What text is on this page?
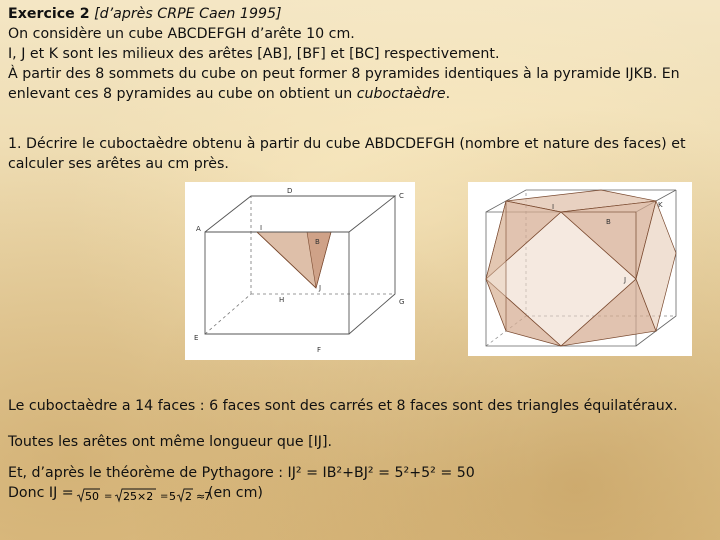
Exercice 2 [d’après CRPE Caen 1995]
On considère un cube ABCDEFGH d’arête 10 cm.
I, J et K sont les milieux des arêtes [AB], [BF] et [BC] respectivement.
À partir des 8 sommets du cube on peut former 8 pyramides identiques à la pyramide IJKB. En
enlevant ces 8 pyramides au cube on obtient un cuboctaèdre.
1. Décrire le cuboctaèdre obtenu à partir du cube ABDCDEFGH (nombre et nature des faces) et
calculer ses arêtes au cm près.
D
C
A	I
B
J
H	G
E
F
I	K
B
J
Le cuboctaèdre a 14 faces : 6 faces sont des carrés et 8 faces sont des triangles équilatéraux.
Toutes les arêtes ont même longueur que [IJ].
Et, d’après le théorème de Pythagore : IJ² = IB²+BJ² = 5²+5² = 50
Donc IJ = 50 = 25×2 = 5 2 ≈
7
(en cm)
